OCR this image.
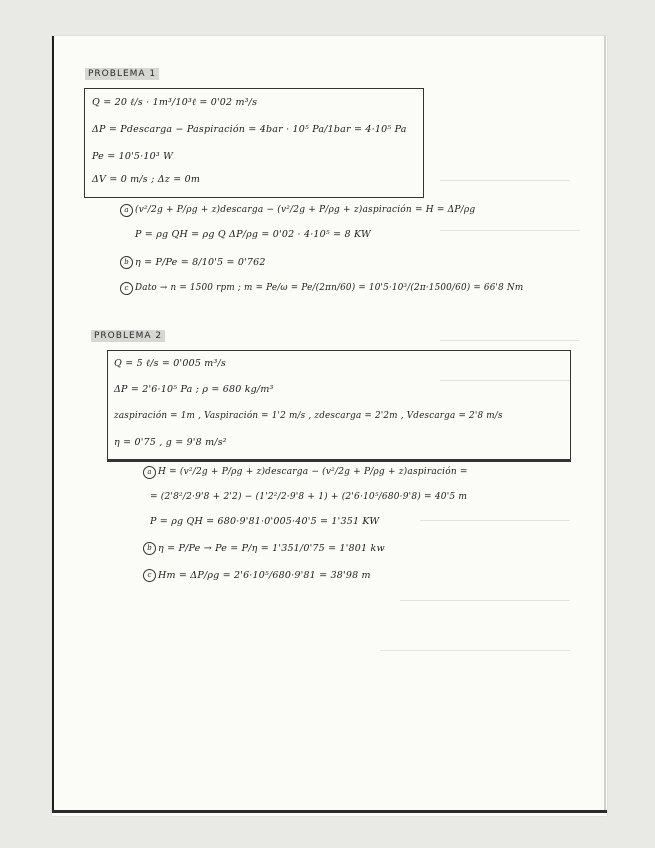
PROBLEMA 1
Q = 20 ℓ/s · 1m³/10³ℓ = 0'02 m³/s
ΔP = Pdescarga − Paspiración = 4bar · 10⁵ Pa/1bar = 4·10⁵ Pa
Pe = 10'5·10³ W
ΔV = 0 m/s ; Δz = 0m
a (v²/2g + P/ρg + z)descarga − (v²/2g + P/ρg + z)aspiración = H = ΔP/ρg
P = ρg QH = ρg Q ΔP/ρg = 0'02 · 4·10⁵ = 8 KW
b η = P/Pe = 8/10'5 = 0'762
c Dato → n = 1500 rpm ; m = Pe/ω = Pe/(2πn/60) = 10'5·10³/(2π·1500/60) = 66'8 Nm
PROBLEMA 2
Q = 5 ℓ/s = 0'005 m³/s
ΔP = 2'6·10⁵ Pa ; ρ = 680 kg/m³
zaspiración = 1m , Vaspiración = 1'2 m/s , zdescarga = 2'2m , Vdescarga = 2'8 m/s
η = 0'75 , g = 9'8 m/s²
a H = (v²/2g + P/ρg + z)descarga − (v²/2g + P/ρg + z)aspiración =
= (2'8²/2·9'8 + 2'2) − (1'2²/2·9'8 + 1) + (2'6·10⁵/680·9'8) = 40'5 m
P = ρg QH = 680·9'81·0'005·40'5 = 1'351 KW
b η = P/Pe → Pe = P/η = 1'351/0'75 = 1'801 kw
c Hm = ΔP/ρg = 2'6·10⁵/680·9'81 = 38'98 m
